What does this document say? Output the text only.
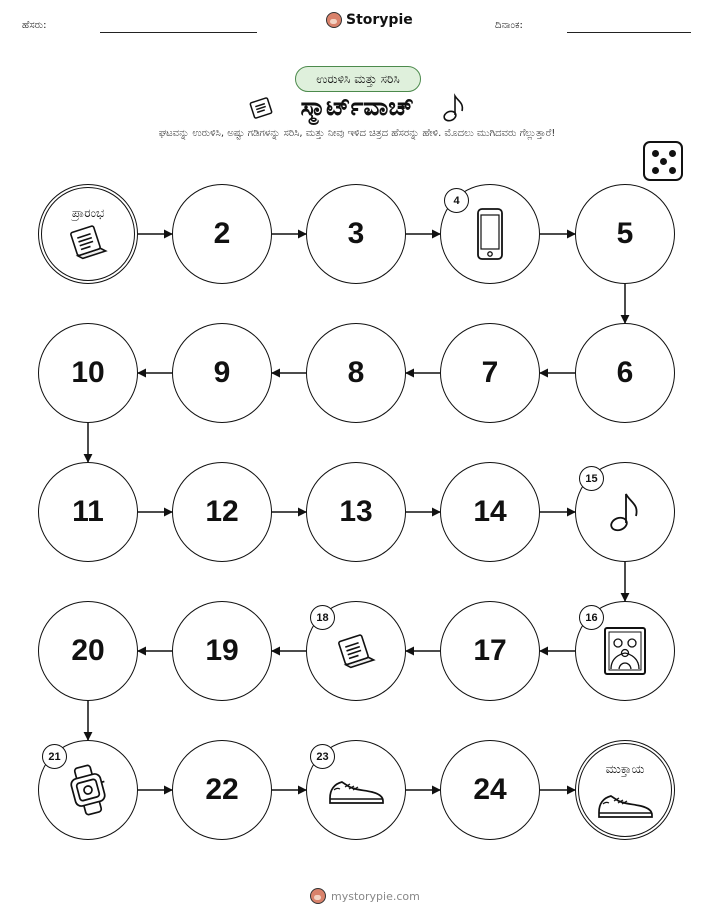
ಹೆಸರು:	Storypie	ದಿನಾಂಕ:
ಉರುಳಿಸಿ ಮತ್ತು ಸರಿಸಿ
ಸ್ಮಾರ್ಟ್‌ವಾಚ್
ಘಟವನ್ನು ಉರುಳಿಸಿ, ಅಷ್ಟು ಗಡಿಗಳನ್ನು ಸರಿಸಿ, ಮತ್ತು ನೀವು ಇಳಿದ ಚಿತ್ರದ ಹೆಸರನ್ನು ಹೇಳಿ. ಮೊದಲು ಮುಗಿದವರು ಗೆಲ್ಲುತ್ತಾರೆ!
ಪ್ರಾರಂಭ
2	3
4
5
6
7
8
9
10
11	12	13	14
15
16
17
18
19
20
21
22
23
24
ಮುಕ್ತಾಯ
mystorypie.com
